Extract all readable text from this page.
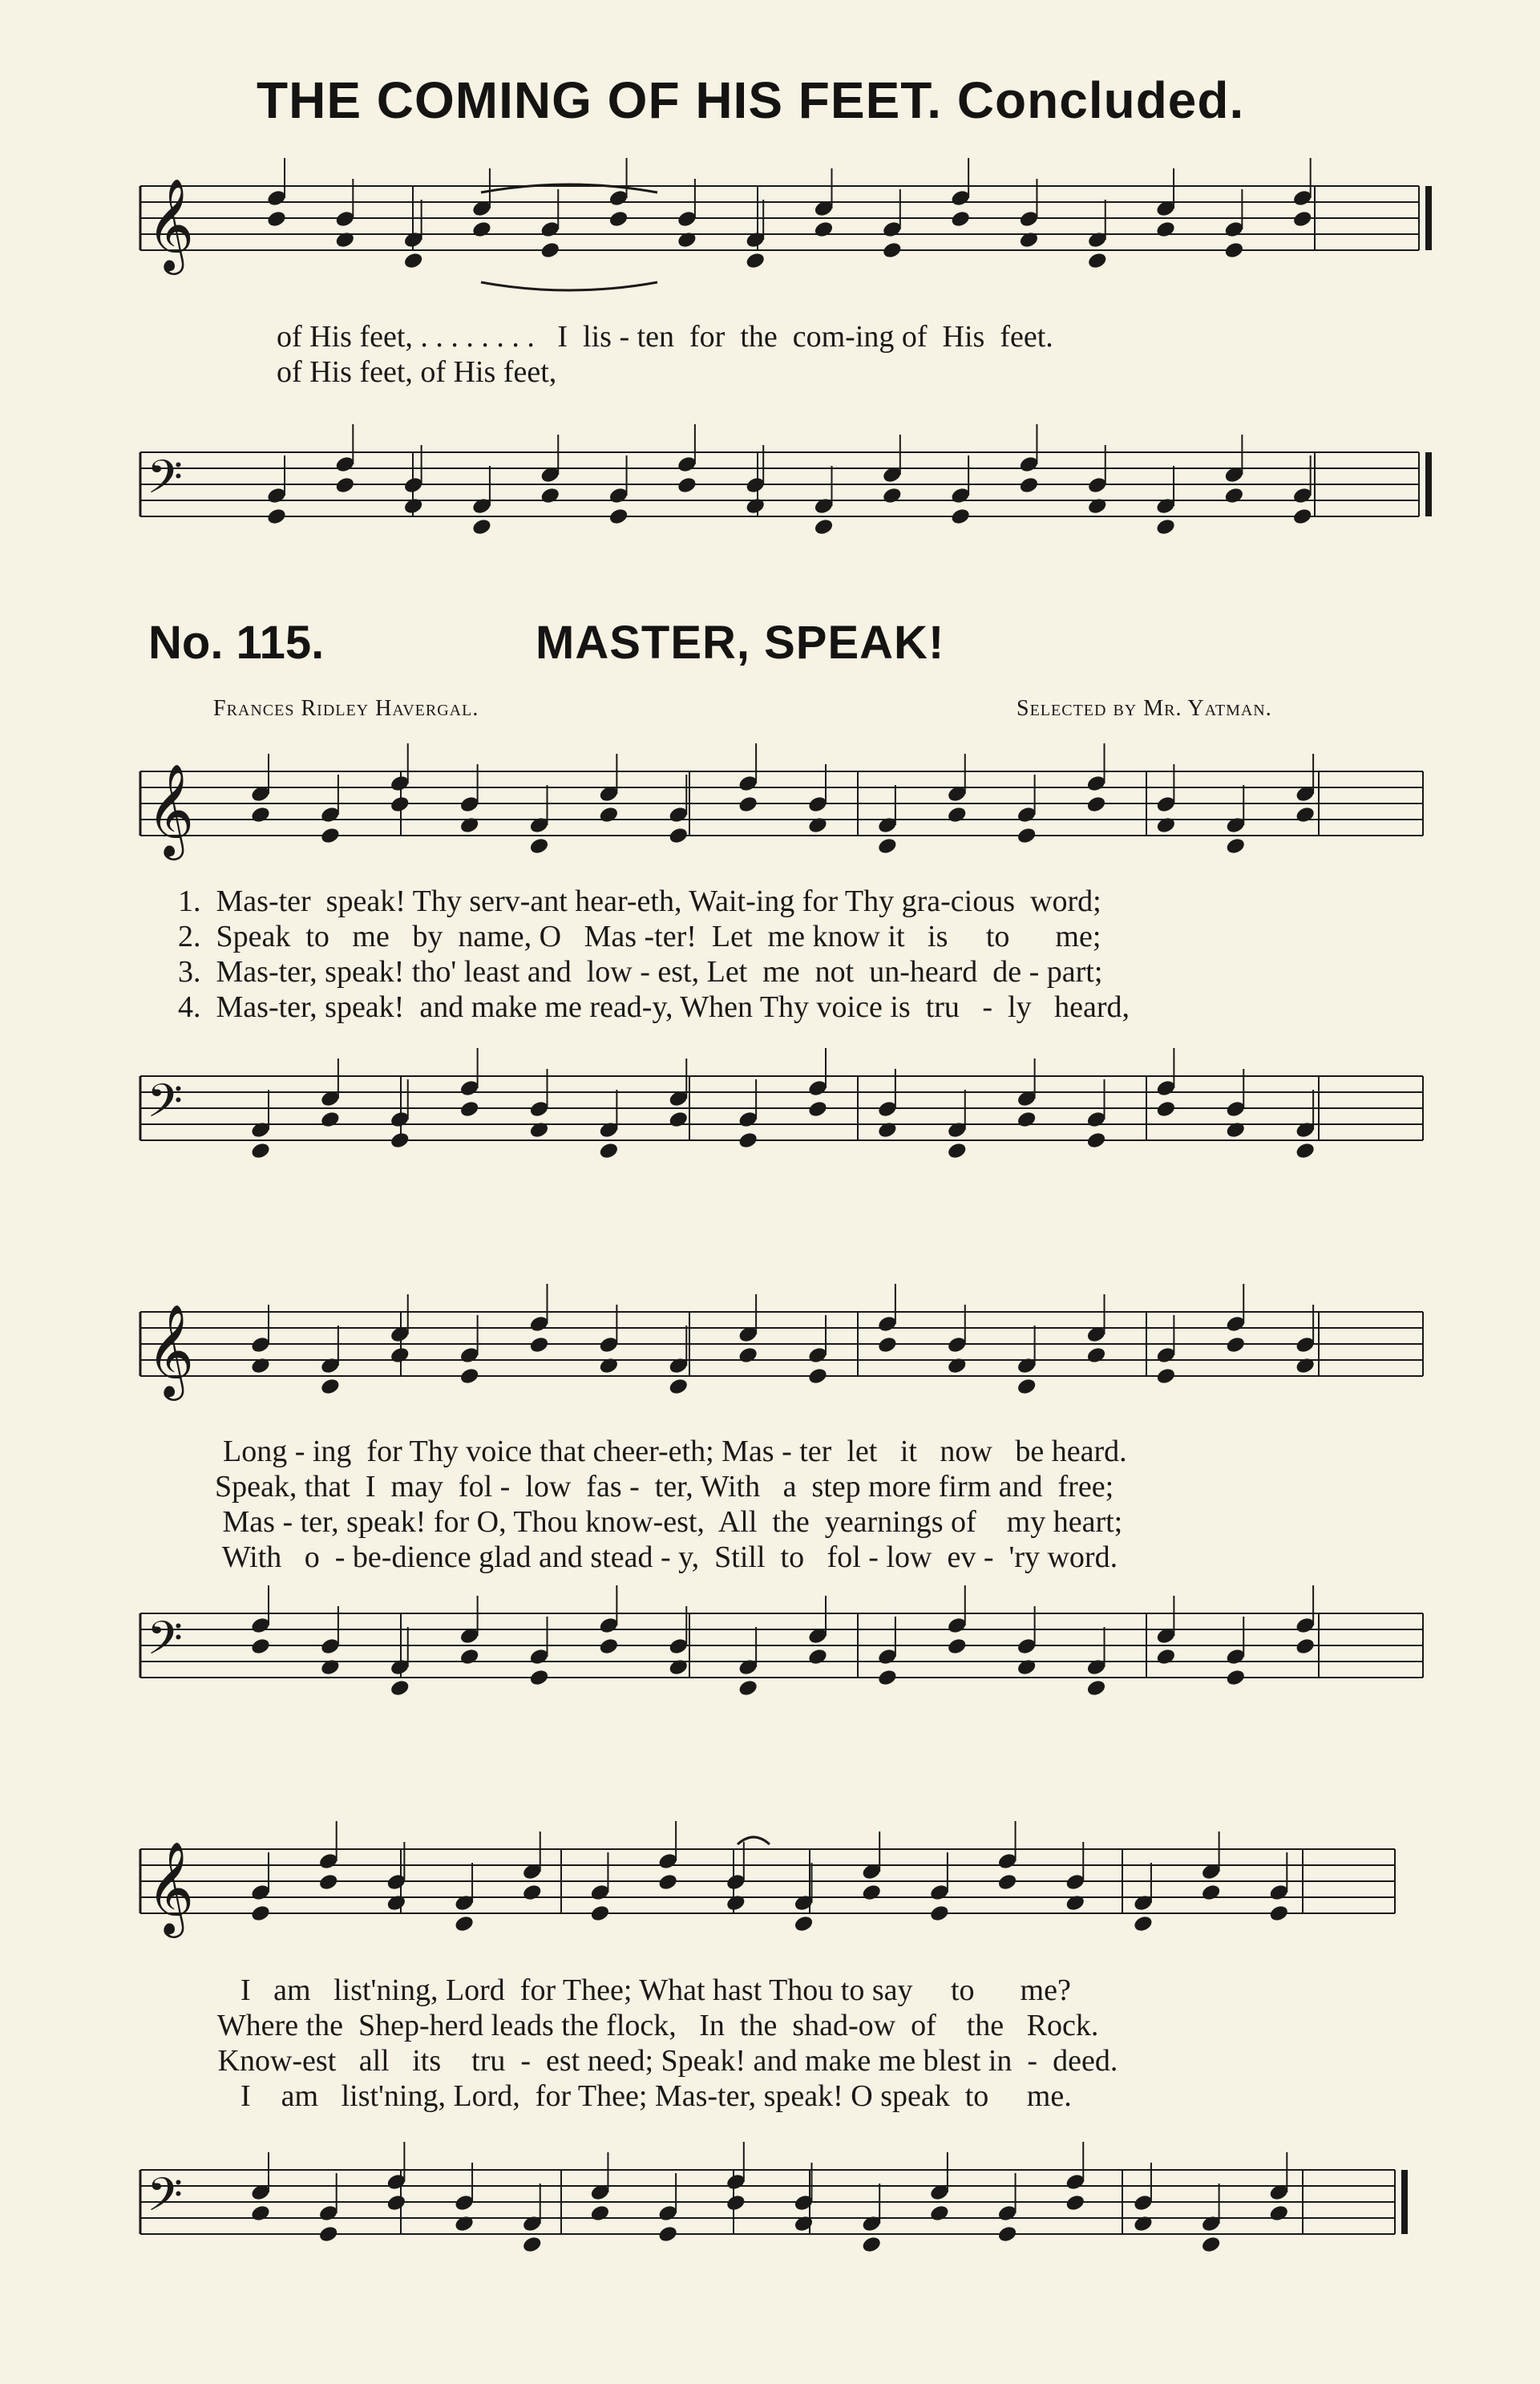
THE COMING OF HIS FEET. Concluded.
No. 115.	MASTER, SPEAK!
Frances Ridley Havergal.	Selected by Mr. Yatman.
of His feet, . . . . . . . .   I  lis - ten  for  the  com-ing of  His  feet.
of His feet, of His feet,
1.  Mas-ter  speak! Thy serv-ant hear-eth, Wait-ing for Thy gra-cious  word;
2.  Speak  to   me   by  name, O   Mas -ter!  Let  me know it   is     to      me;
3.  Mas-ter, speak! tho' least and  low - est, Let  me  not  un-heard  de - part;
4.  Mas-ter, speak!  and make me read-y, When Thy voice is  tru   -  ly   heard,
Long - ing  for Thy voice that cheer-eth; Mas - ter  let   it   now   be heard.
Speak, that  I  may  fol -  low  fas -  ter, With   a  step more firm and  free;
Mas - ter, speak! for O, Thou know-est,  All  the  yearnings of    my heart;
With   o  - be-dience glad and stead - y,  Still  to   fol - low  ev -  'ry word.
I   am   list'ning, Lord  for Thee; What hast Thou to say     to      me?
Where the  Shep-herd leads the flock,   In  the  shad-ow  of    the   Rock.
Know-est   all   its    tru  -  est need; Speak! and make me blest in  -  deed.
I    am   list'ning, Lord,  for Thee; Mas-ter, speak! O speak  to     me.
𝄞
𝄢
𝄞
𝄢
𝄞
𝄢
𝄞
𝄢
